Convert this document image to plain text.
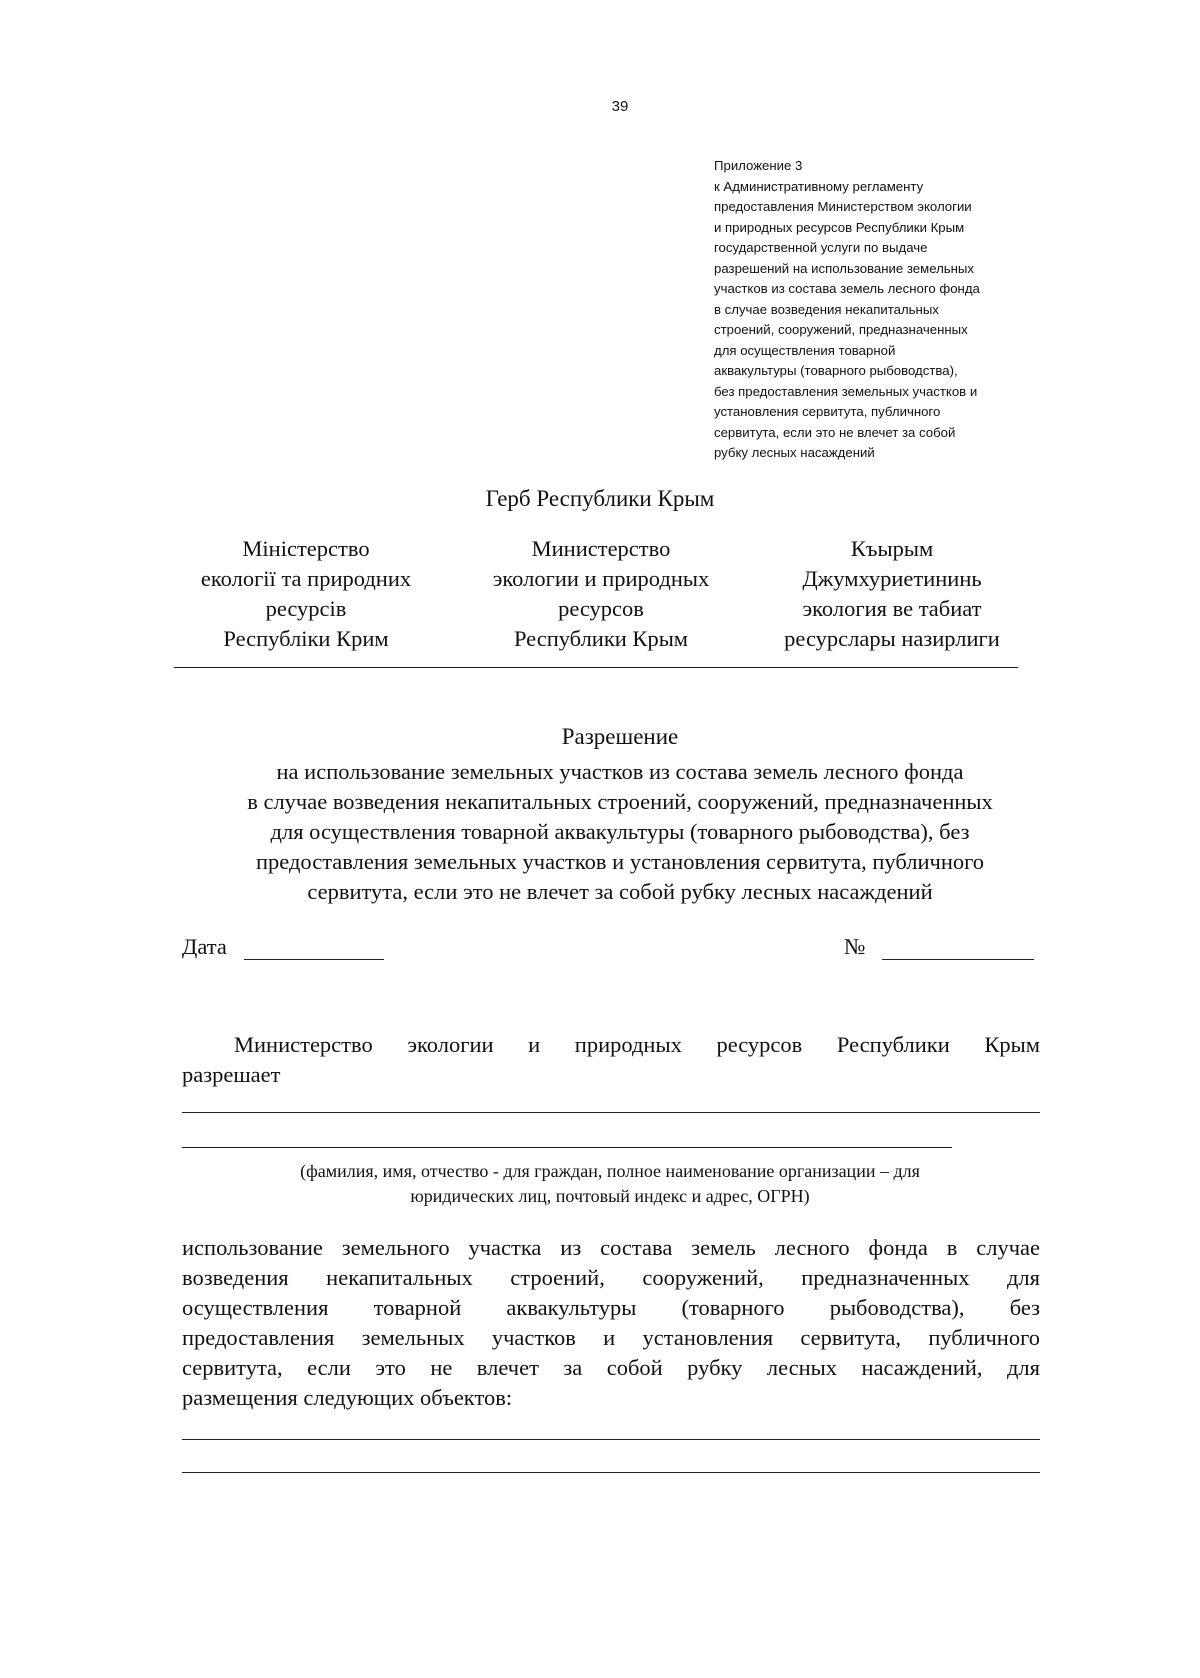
39
Приложение 3
к Административному регламенту
предоставления Министерством экологии
и природных ресурсов Республики Крым
государственной услуги по выдаче
разрешений на использование земельных
участков из состава земель лесного фонда
в случае возведения некапитальных
строений, сооружений, предназначенных
для осуществления товарной
аквакультуры (товарного рыбоводства),
без предоставления земельных участков и
установления сервитута, публичного
сервитута, если это не влечет за собой
рубку лесных насаждений
Герб Республики Крым
Міністерство
екології та природних
ресурсів
Республіки Крим
Министерство
экологии и природных
ресурсов
Республики Крым
Къырым
Джумхуриетининь
экология ве табиат
ресурслары назирлиги
Разрешение
на использование земельных участков из состава земель лесного фонда
в случае возведения некапитальных строений, сооружений, предназначенных
для осуществления товарной аквакультуры (товарного рыбоводства), без
предоставления земельных участков и установления сервитута, публичного
сервитута, если это не влечет за собой рубку лесных насаждений
Дата	№
Министерство экологии и природных ресурсов Республики Крым
разрешает
(фамилия, имя, отчество - для граждан, полное наименование организации – для
юридических лиц, почтовый индекс и адрес, ОГРН)
использование земельного участка из состава земель лесного фонда в случае
возведения некапитальных строений, сооружений, предназначенных для
осуществления товарной аквакультуры (товарного рыбоводства), без
предоставления земельных участков и установления сервитута, публичного
сервитута, если это не влечет за собой рубку лесных насаждений, для
размещения следующих объектов:
